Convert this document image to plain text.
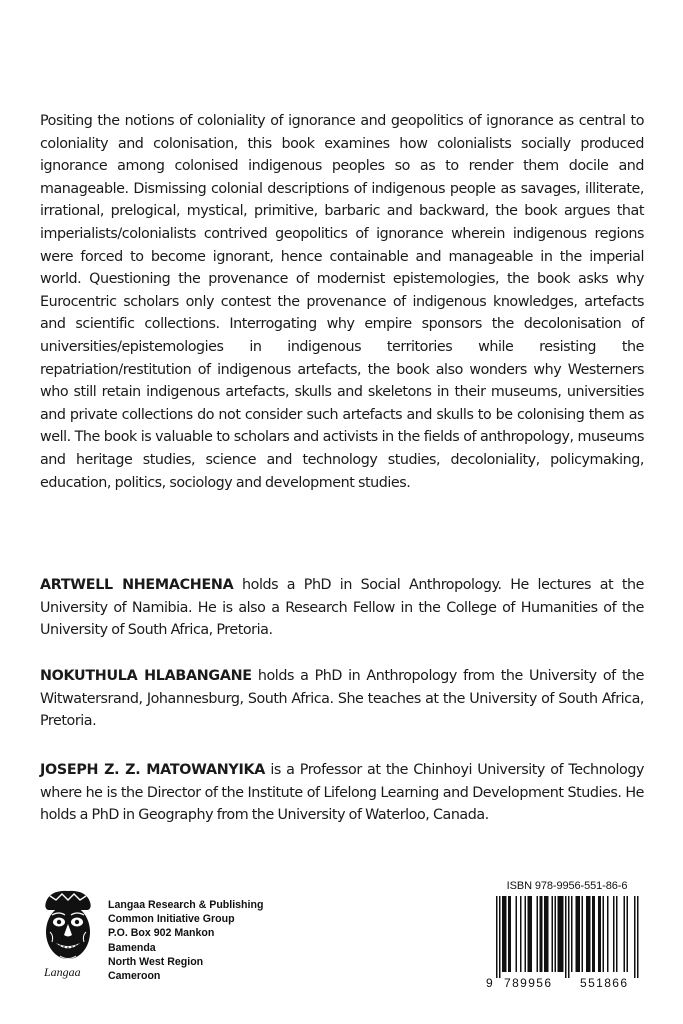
Positing the notions of coloniality of ignorance and geopolitics of ignorance as central to coloniality and colonisation, this book examines how colonialists socially produced ignorance among colonised indigenous peoples so as to render them docile and manageable. Dismissing colonial descriptions of indigenous people as savages, illiterate, irrational, prelogical, mystical, primitive, barbaric and backward, the book argues that imperialists/colonialists contrived geopolitics of ignorance wherein indigenous regions were forced to become ignorant, hence containable and manageable in the imperial world. Questioning the provenance of modernist epistemologies, the book asks why Eurocentric scholars only contest the provenance of indigenous knowledges, artefacts and scientific collections. Interrogating why empire sponsors the decolonisation of universities/epistemologies in indigenous territories while resisting the repatriation/restitution of indigenous artefacts, the book also wonders why Westerners who still retain indigenous artefacts, skulls and skeletons in their museums, universities and private collections do not consider such artefacts and skulls to be colonising them as well. The book is valuable to scholars and activists in the fields of anthropology, museums and heritage studies, science and technology studies, decoloniality, policymaking, education, politics, sociology and development studies.

ARTWELL NHEMACHENA holds a PhD in Social Anthropology. He lectures at the University of Namibia. He is also a Research Fellow in the College of Humanities of the University of South Africa, Pretoria.

NOKUTHULA HLABANGANE holds a PhD in Anthropology from the University of the Witwatersrand, Johannesburg, South Africa. She teaches at the University of South Africa, Pretoria.

JOSEPH Z. Z. MATOWANYIKA is a Professor at the Chinhoyi University of Technology where he is the Director of the Institute of Lifelong Learning and Development Studies. He holds a PhD in Geography from the University of Waterloo, Canada.

Langaa
Langaa Research & Publishing
Common Initiative Group
P.O. Box 902 Mankon
Bamenda
North West Region
Cameroon
ISBN 978-9956-551-86-6
9 789956 551866
